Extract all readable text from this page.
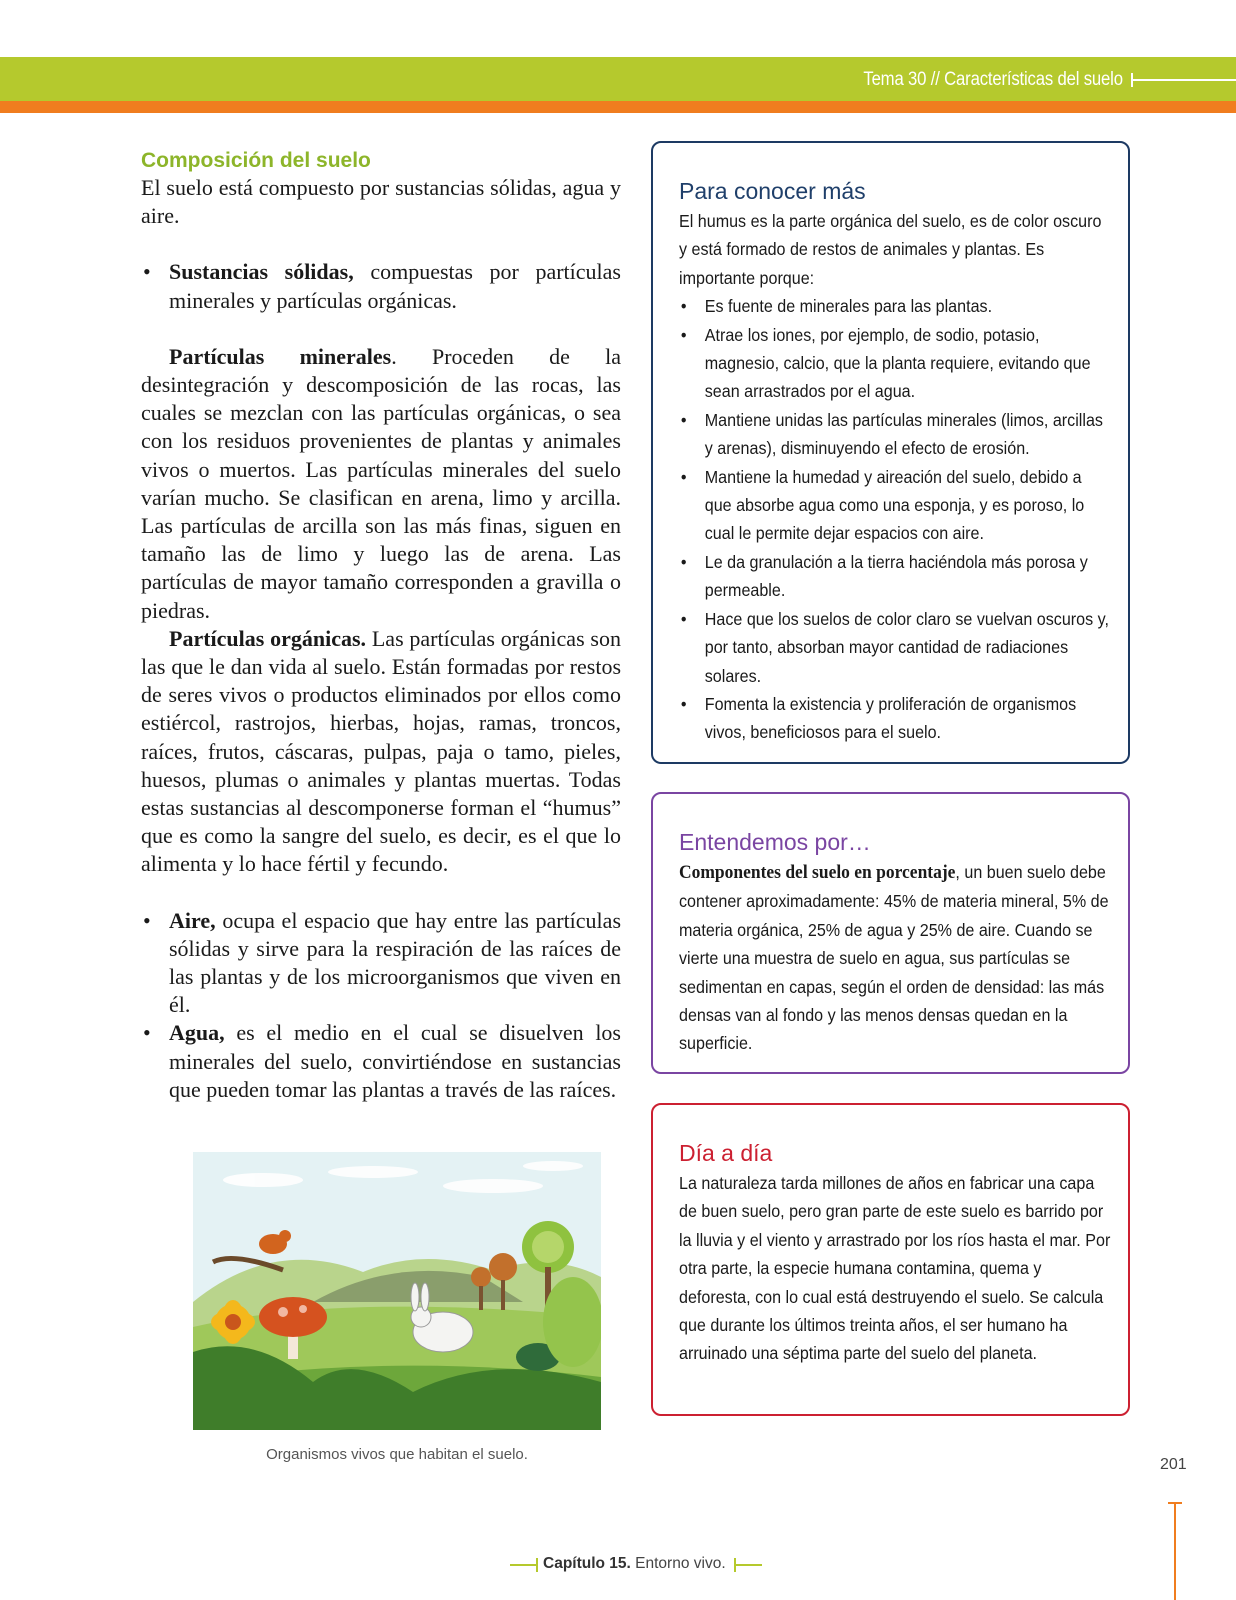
Tema 30 // Características del suelo
Composición del suelo

El suelo está compuesto por sustancias sólidas, agua y aire.

• Sustancias sólidas, compuestas por partículas minerales y partículas orgánicas.

Partículas minerales. Proceden de la desintegración y descomposición de las rocas, las cuales se mezclan con las partículas orgánicas, o sea con los residuos provenientes de plantas y animales vivos o muertos. Las partículas minerales del suelo varían mucho. Se clasifican en arena, limo y arcilla. Las partículas de arcilla son las más finas, siguen en tamaño las de limo y luego las de arena. Las partículas de mayor tamaño corresponden a gravilla o piedras.

Partículas orgánicas. Las partículas orgánicas son las que le dan vida al suelo. Están formadas por restos de seres vivos o productos eliminados por ellos como estiércol, rastrojos, hierbas, hojas, ramas, troncos, raíces, frutos, cáscaras, pulpas, paja o tamo, pieles, huesos, plumas o animales y plantas muertas. Todas estas sustancias al descomponerse forman el “humus” que es como la sangre del suelo, es decir, es el que lo alimenta y lo hace fértil y fecundo.

• Aire, ocupa el espacio que hay entre las partículas sólidas y sirve para la respiración de las raíces de las plantas y de los microorganismos que viven en él.

• Agua, es el medio en el cual se disuelven los minerales del suelo, convirtiéndose en sustancias que pueden tomar las plantas a través de las raíces.

Organismos vivos que habitan el suelo.
Para conocer más

El humus es la parte orgánica del suelo, es de color oscuro y está formado de restos de animales y plantas. Es importante porque:

• Es fuente de minerales para las plantas.

• Atrae los iones, por ejemplo, de sodio, potasio, magnesio, calcio, que la planta requiere, evitando que sean arrastrados por el agua.

• Mantiene unidas las partículas minerales (limos, arcillas y arenas), disminuyendo el efecto de erosión.

• Mantiene la humedad y aireación del suelo, debido a que absorbe agua como una esponja, y es poroso, lo cual le permite dejar espacios con aire.

• Le da granulación a la tierra haciéndola más porosa y permeable.

• Hace que los suelos de color claro se vuelvan oscuros y, por tanto, absorban mayor cantidad de radiaciones solares.

• Fomenta la existencia y proliferación de organismos vivos, beneficiosos para el suelo.

Entendemos por…

Componentes del suelo en porcentaje, un buen suelo debe contener aproximadamente: 45% de materia mineral, 5% de materia orgánica, 25% de agua y 25% de aire. Cuando se vierte una muestra de suelo en agua, sus partículas se sedimentan en capas, según el orden de densidad: las más densas van al fondo y las menos densas quedan en la superficie.

Día a día

La naturaleza tarda millones de años en fabricar una capa de buen suelo, pero gran parte de este suelo es barrido por la lluvia y el viento y arrastrado por los ríos hasta el mar. Por otra parte, la especie humana contamina, quema y deforesta, con lo cual está destruyendo el suelo. Se calcula que durante los últimos treinta años, el ser humano ha arruinado una séptima parte del suelo del planeta.

201
Capítulo 15. Entorno vivo.
